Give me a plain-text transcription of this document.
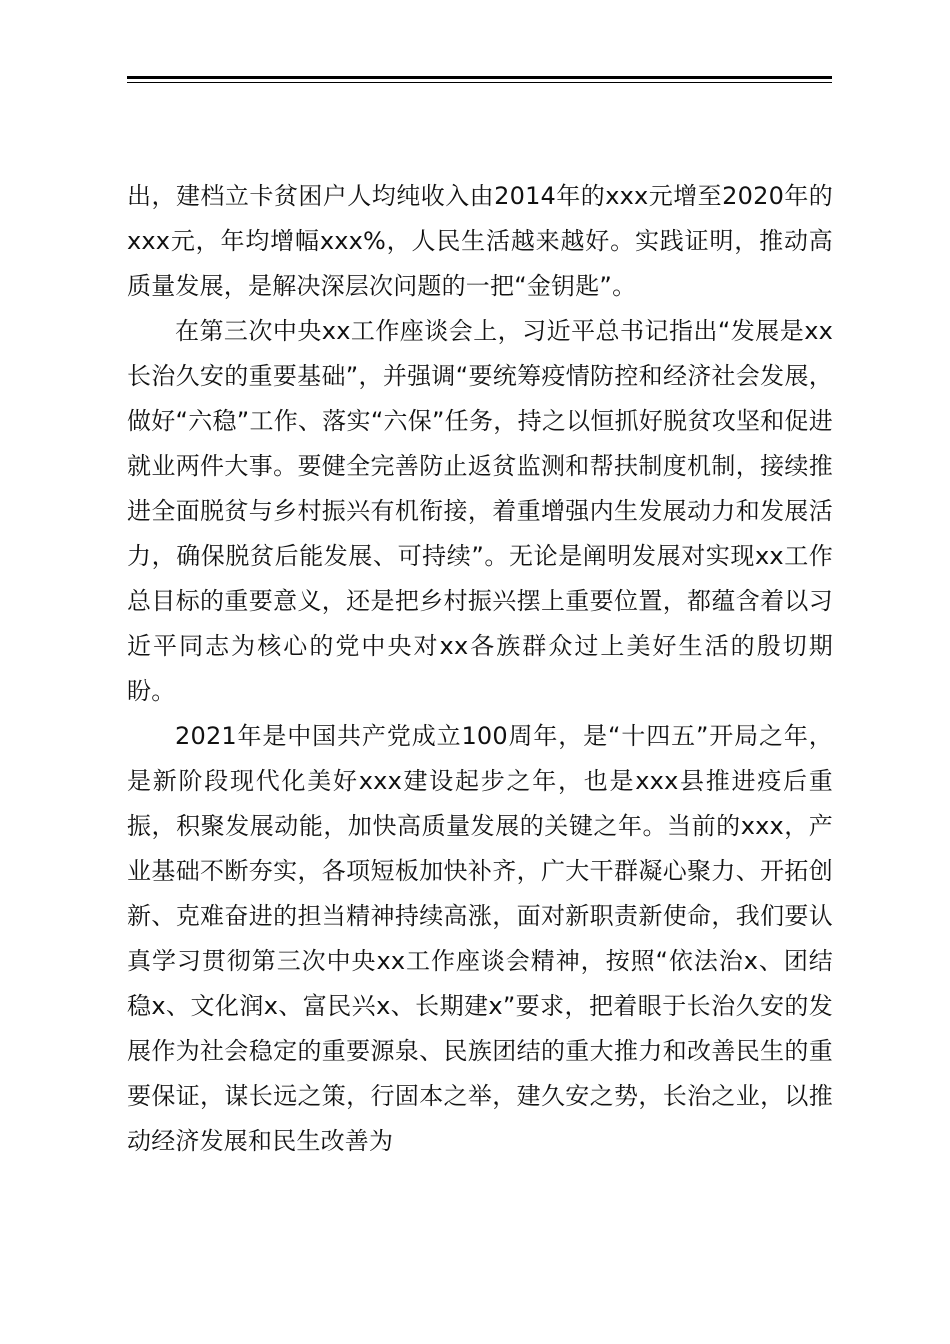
出，建档立卡贫困户人均纯收入由2014年的xxx元增至2020年的xxx元，年均增幅xxx%，人民生活越来越好。实践证明，推动高质量发展，是解决深层次问题的一把“金钥匙”。

在第三次中央xx工作座谈会上，习近平总书记指出“发展是xx长治久安的重要基础”，并强调“要统筹疫情防控和经济社会发展，做好“六稳”工作、落实“六保”任务，持之以恒抓好脱贫攻坚和促进就业两件大事。要健全完善防止返贫监测和帮扶制度机制，接续推进全面脱贫与乡村振兴有机衔接，着重增强内生发展动力和发展活力，确保脱贫后能发展、可持续”。无论是阐明发展对实现xx工作总目标的重要意义，还是把乡村振兴摆上重要位置，都蕴含着以习近平同志为核心的党中央对xx各族群众过上美好生活的殷切期盼。

2021年是中国共产党成立100周年，是“十四五”开局之年，是新阶段现代化美好xxx建设起步之年，也是xxx县推进疫后重振，积聚发展动能，加快高质量发展的关键之年。当前的xxx，产业基础不断夯实，各项短板加快补齐，广大干群凝心聚力、开拓创新、克难奋进的担当精神持续高涨，面对新职责新使命，我们要认真学习贯彻第三次中央xx工作座谈会精神，按照“依法治x、团结稳x、文化润x、富民兴x、长期建x”要求，把着眼于长治久安的发展作为社会稳定的重要源泉、民族团结的重大推力和改善民生的重要保证，谋长远之策，行固本之举，建久安之势，长治之业，以推动经济发展和民生改善为
